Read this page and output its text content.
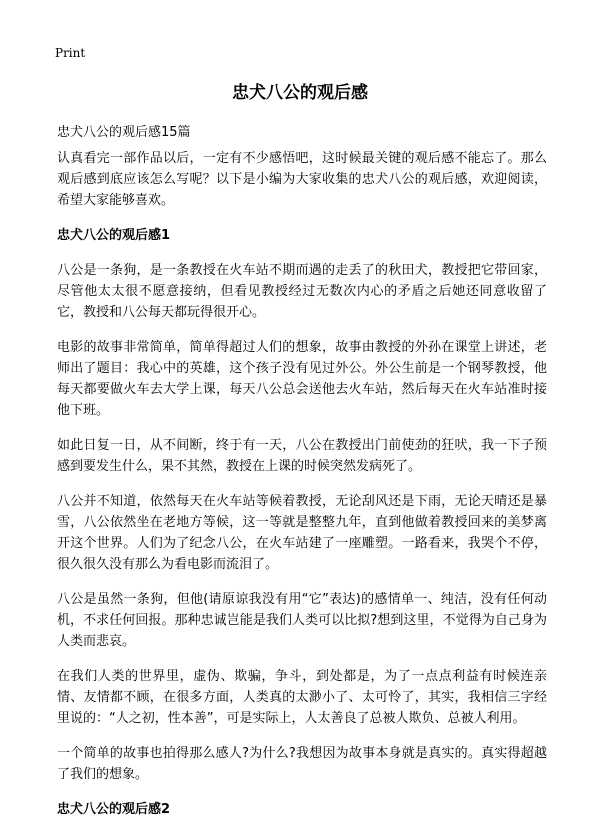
Print
忠犬八公的观后感
忠犬八公的观后感15篇

认真看完一部作品以后，一定有不少感悟吧，这时候最关键的观后感不能忘了。那么观后感到底应该怎么写呢？以下是小编为大家收集的忠犬八公的观后感，欢迎阅读，希望大家能够喜欢。

忠犬八公的观后感1

八公是一条狗，是一条教授在火车站不期而遇的走丢了的秋田犬，教授把它带回家，尽管他太太很不愿意接纳，但看见教授经过无数次内心的矛盾之后她还同意收留了它，教授和八公每天都玩得很开心。

电影的故事非常简单，简单得超过人们的想象，故事由教授的外孙在课堂上讲述，老师出了题目：我心中的英雄，这个孩子没有见过外公。外公生前是一个钢琴教授，他每天都要做火车去大学上课，每天八公总会送他去火车站，然后每天在火车站准时接他下班。

如此日复一日，从不间断，终于有一天，八公在教授出门前使劲的狂吠，我一下子预感到要发生什么，果不其然，教授在上课的时候突然发病死了。

八公并不知道，依然每天在火车站等候着教授，无论刮风还是下雨，无论天晴还是暴雪，八公依然坐在老地方等候，这一等就是整整九年，直到他做着教授回来的美梦离开这个世界。人们为了纪念八公，在火车站建了一座雕塑。一路看来，我哭个不停，很久很久没有那么为看电影而流泪了。

八公是虽然一条狗，但他(请原谅我没有用“它”表达)的感情单一、纯洁，没有任何动机，不求任何回报。那种忠诚岂能是我们人类可以比拟?想到这里，不觉得为自己身为人类而悲哀。

在我们人类的世界里，虚伪、欺骗，争斗，到处都是，为了一点点利益有时候连亲情、友情都不顾，在很多方面，人类真的太渺小了、太可怜了，其实，我相信三字经里说的：“人之初，性本善”，可是实际上，人太善良了总被人欺负、总被人利用。

一个简单的故事也拍得那么感人?为什么?我想因为故事本身就是真实的。真实得超越了我们的想象。

忠犬八公的观后感2
